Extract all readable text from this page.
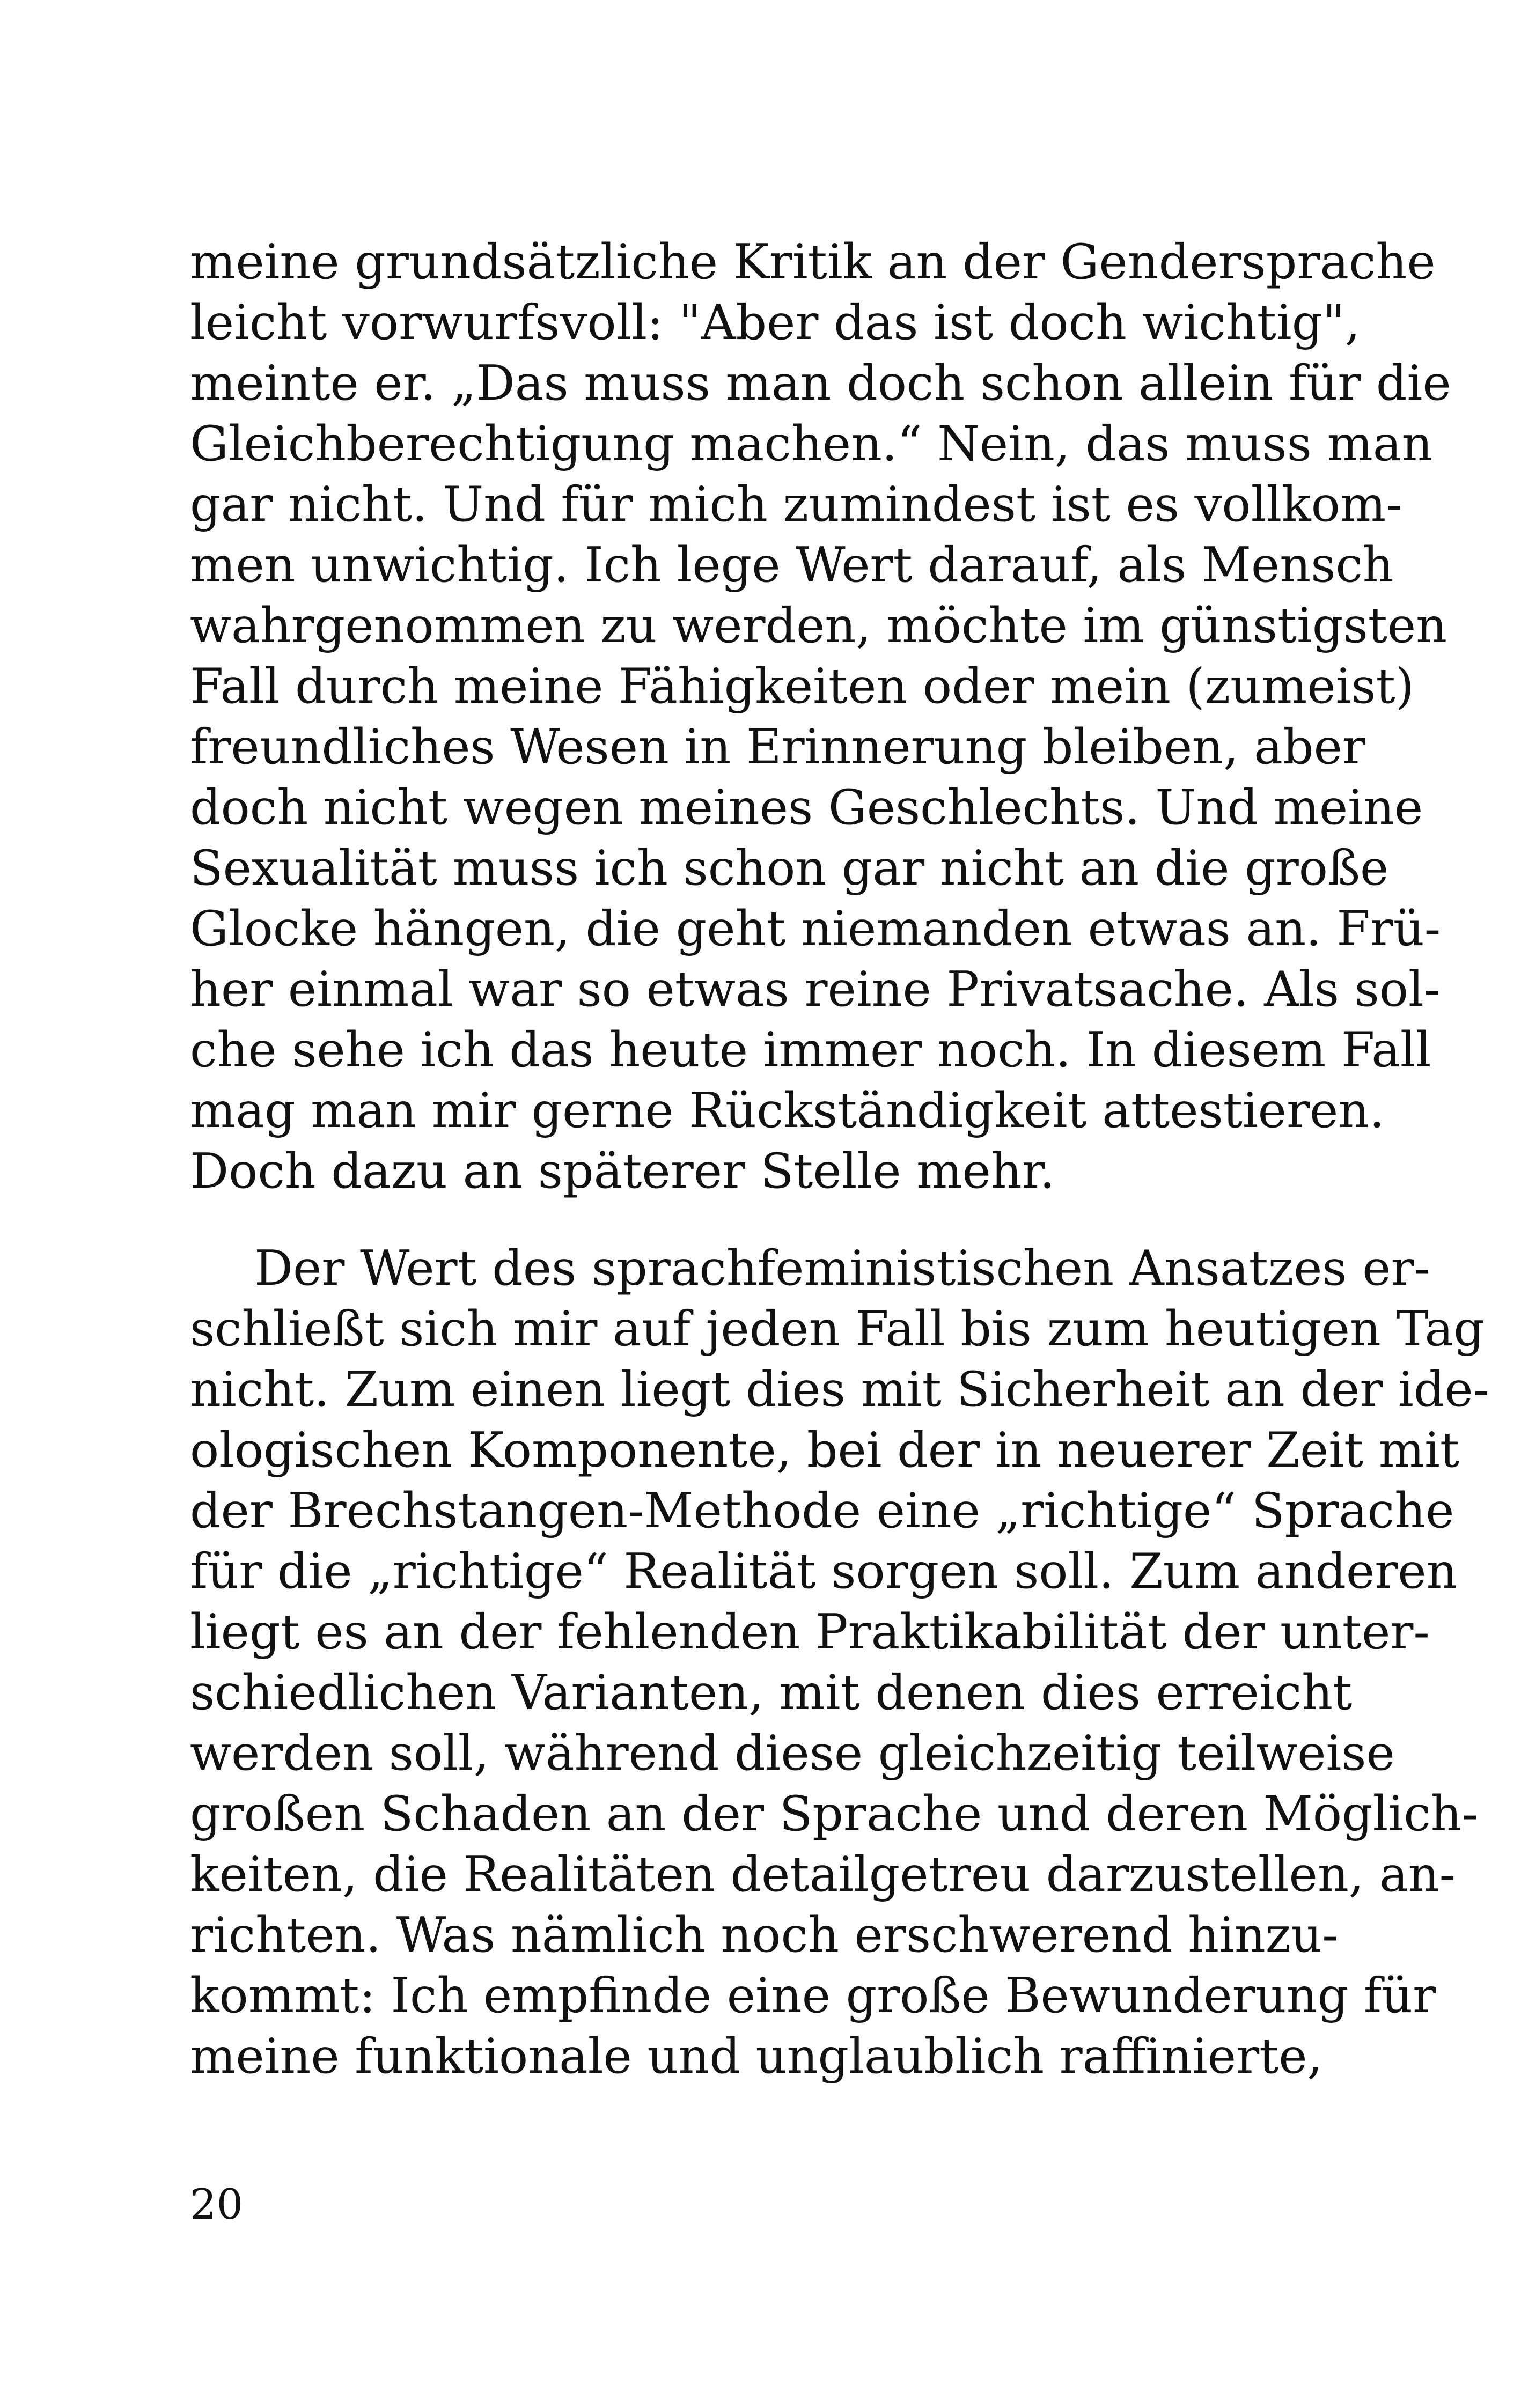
meine grundsätzliche Kritik an der Gendersprache
leicht vorwurfsvoll: "Aber das ist doch wichtig",
meinte er. „Das muss man doch schon allein für die
Gleichberechtigung machen.“ Nein, das muss man
gar nicht. Und für mich zumindest ist es vollkom-
men unwichtig. Ich lege Wert darauf, als Mensch
wahrgenommen zu werden, möchte im günstigsten
Fall durch meine Fähigkeiten oder mein (zumeist)
freundliches Wesen in Erinnerung bleiben, aber
doch nicht wegen meines Geschlechts. Und meine
Sexualität muss ich schon gar nicht an die große
Glocke hängen, die geht niemanden etwas an. Frü-
her einmal war so etwas reine Privatsache. Als sol-
che sehe ich das heute immer noch. In diesem Fall
mag man mir gerne Rückständigkeit attestieren.
Doch dazu an späterer Stelle mehr.
Der Wert des sprachfeministischen Ansatzes er-
schließt sich mir auf jeden Fall bis zum heutigen Tag
nicht. Zum einen liegt dies mit Sicherheit an der ide-
ologischen Komponente, bei der in neuerer Zeit mit
der Brechstangen-Methode eine „richtige“ Sprache
für die „richtige“ Realität sorgen soll. Zum anderen
liegt es an der fehlenden Praktikabilität der unter-
schiedlichen Varianten, mit denen dies erreicht
werden soll, während diese gleichzeitig teilweise
großen Schaden an der Sprache und deren Möglich-
keiten, die Realitäten detailgetreu darzustellen, an-
richten. Was nämlich noch erschwerend hinzu-
kommt: Ich empfinde eine große Bewunderung für
meine funktionale und unglaublich raffinierte,
20
